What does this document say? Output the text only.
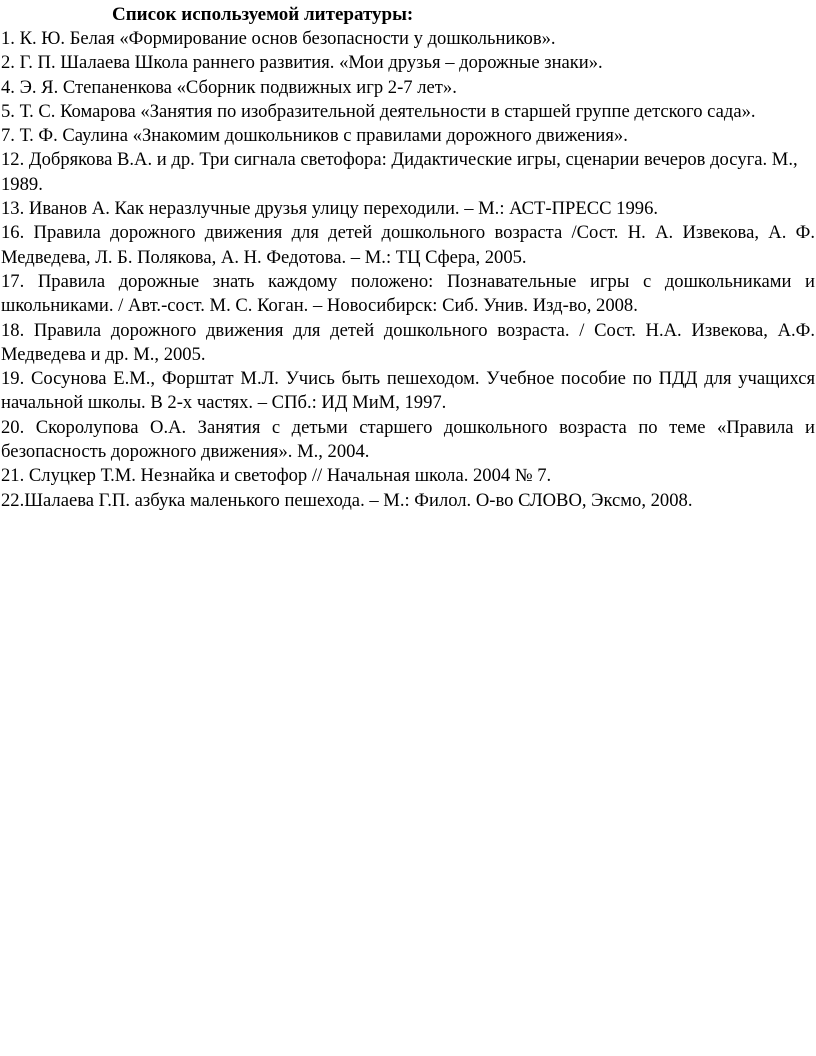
Список используемой литературы:
1. К. Ю. Белая «Формирование основ безопасности у дошкольников».
2. Г. П. Шалаева Школа раннего развития. «Мои друзья – дорожные знаки».
4. Э. Я. Степаненкова «Сборник подвижных игр 2-7 лет».
5. Т. С. Комарова «Занятия по изобразительной деятельности в старшей группе детского сада».
7. Т. Ф. Саулина «Знакомим дошкольников с правилами дорожного движения».
12. Добрякова В.А. и др. Три сигнала светофора: Дидактические игры, сценарии вечеров досуга. М., 1989.
13. Иванов А. Как неразлучные друзья улицу переходили. – М.: АСТ-ПРЕСС 1996.
16. Правила дорожного движения для детей дошкольного возраста /Сост. Н. А. Извекова, А. Ф. Медведева, Л. Б. Полякова, А. Н. Федотова. – М.: ТЦ Сфера, 2005.
17. Правила дорожные знать каждому положено: Познавательные игры с дошкольниками и школьниками. / Авт.-сост. М. С. Коган. – Новосибирск: Сиб. Унив. Изд-во, 2008.
18. Правила дорожного движения для детей дошкольного возраста. / Сост. Н.А. Извекова, А.Ф. Медведева и др. М., 2005.
19. Сосунова Е.М., Форштат М.Л. Учись быть пешеходом. Учебное пособие по ПДД для учащихся начальной школы. В 2-х частях. – СПб.: ИД МиМ, 1997.
20. Скоролупова О.А. Занятия с детьми старшего дошкольного возраста по теме «Правила и безопасность дорожного движения». М., 2004.
21. Слуцкер Т.М. Незнайка и светофор // Начальная школа. 2004 № 7.
22.Шалаева Г.П. азбука маленького пешехода. – М.: Филол. О-во СЛОВО, Эксмо, 2008.
